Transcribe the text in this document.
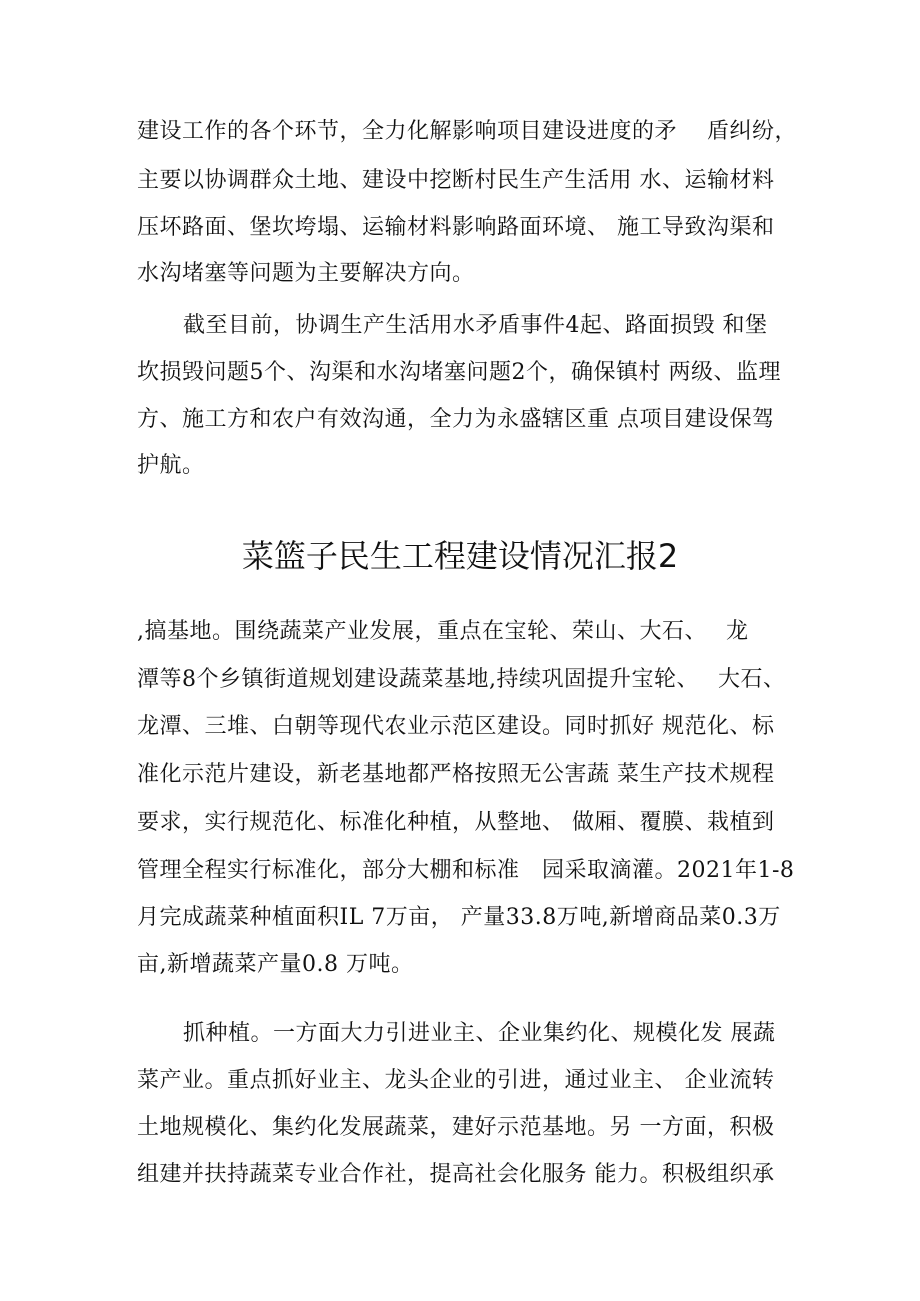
建设工作的各个环节，全力化解影响项目建设进度的矛　 盾纠纷，
主要以协调群众土地、建设中挖断村民生产生活用 水、运输材料
压坏路面、堡坎垮塌、运输材料影响路面环境、 施工导致沟渠和
水沟堵塞等问题为主要解决方向。
截至目前，协调生产生活用水矛盾事件4起、路面损毁 和堡
坎损毁问题5个、沟渠和水沟堵塞问题2个，确保镇村 两级、监理
方、施工方和农户有效沟通，全力为永盛辖区重 点项目建设保驾
护航。
菜篮子民生工程建设情况汇报2
,搞基地。围绕蔬菜产业发展，重点在宝轮、荣山、大石、　 龙
潭等8个乡镇街道规划建设蔬菜基地,持续巩固提升宝轮、　 大石、
龙潭、三堆、白朝等现代农业示范区建设。同时抓好 规范化、标
准化示范片建设，新老基地都严格按照无公害蔬 菜生产技术规程
要求，实行规范化、标准化种植，从整地、 做厢、覆膜、栽植到
管理全程实行标准化，部分大棚和标准　园采取滴灌。2021年1-8
月完成蔬菜种植面积IL 7万亩， 产量33.8万吨,新增商品菜0.3万
亩,新增蔬菜产量0.8 万吨。
抓种植。一方面大力引进业主、企业集约化、规模化发 展蔬
菜产业。重点抓好业主、龙头企业的引进，通过业主、 企业流转
土地规模化、集约化发展蔬菜，建好示范基地。另 一方面，积极
组建并扶持蔬菜专业合作社，提高社会化服务 能力。积极组织承
